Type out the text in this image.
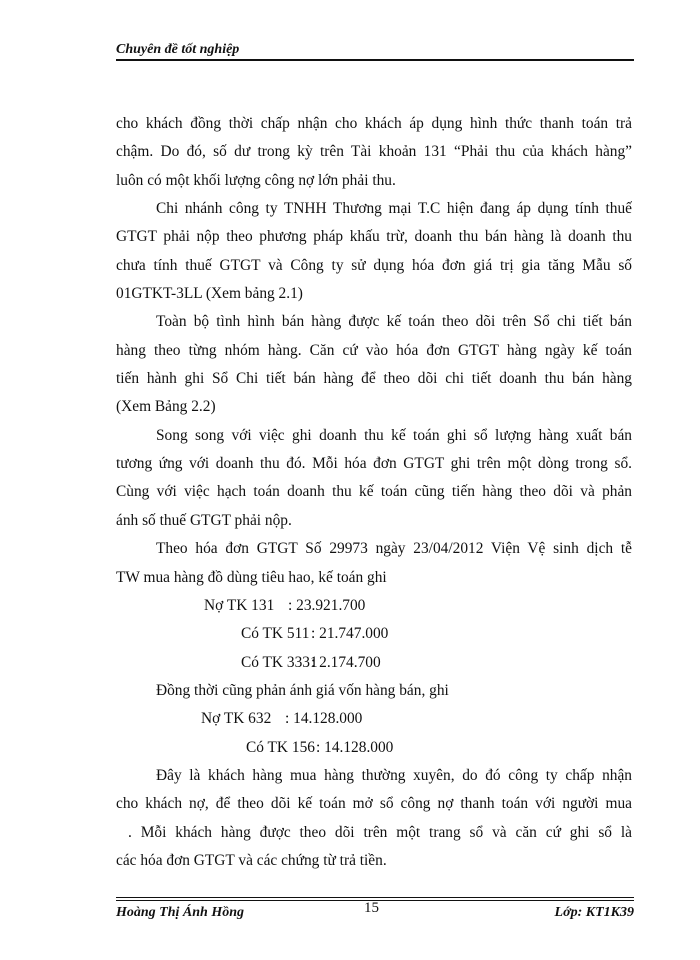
Chuyên đề tốt nghiệp
cho khách đồng thời chấp nhận cho khách áp dụng hình thức thanh toán trả
chậm. Do đó, số dư trong kỳ trên Tài khoản 131 “Phải thu của khách hàng”
luôn có một khối lượng công nợ lớn phải thu.
Chi nhánh công ty TNHH Thương mại T.C hiện đang áp dụng tính thuế
GTGT phải nộp theo phương pháp khấu trừ, doanh thu bán hàng là doanh thu
chưa tính thuế GTGT và Công ty sử dụng hóa đơn giá trị gia tăng Mẫu số
01GTKT-3LL (Xem bảng 2.1)
Toàn bộ tình hình bán hàng được kế toán theo dõi trên Sổ chi tiết bán
hàng theo từng nhóm hàng. Căn cứ vào hóa đơn GTGT hàng ngày kế toán
tiến hành ghi Sổ Chi tiết bán hàng để theo dõi chi tiết doanh thu bán hàng
(Xem Bảng 2.2)
Song song với việc ghi doanh thu kế toán ghi sổ lượng hàng xuất bán
tương ứng với doanh thu đó. Mỗi hóa đơn GTGT ghi trên một dòng trong sổ.
Cùng với việc hạch toán doanh thu kế toán cũng tiến hàng theo dõi và phản
ánh số thuế GTGT phải nộp.
Theo hóa đơn GTGT Số 29973 ngày 23/04/2012 Viện Vệ sinh dịch tễ
TW mua hàng đồ dùng tiêu hao, kế toán ghi
Nợ TK 131 : 23.921.700
Có TK 511 : 21.747.000
Có TK 3331: 2.174.700
Đồng thời cũng phản ánh giá vốn hàng bán, ghi
Nợ TK 632 : 14.128.000
Có TK 156: 14.128.000
Đây là khách hàng mua hàng thường xuyên, do đó công ty chấp nhận
cho khách nợ, để theo dõi kế toán mở sổ công nợ thanh toán với người mua
. Mỗi khách hàng được theo dõi trên một trang sổ và căn cứ ghi sổ là
các hóa đơn GTGT và các chứng từ trả tiền.
Hoàng Thị Ánh Hồng	15	Lớp: KT1K39
